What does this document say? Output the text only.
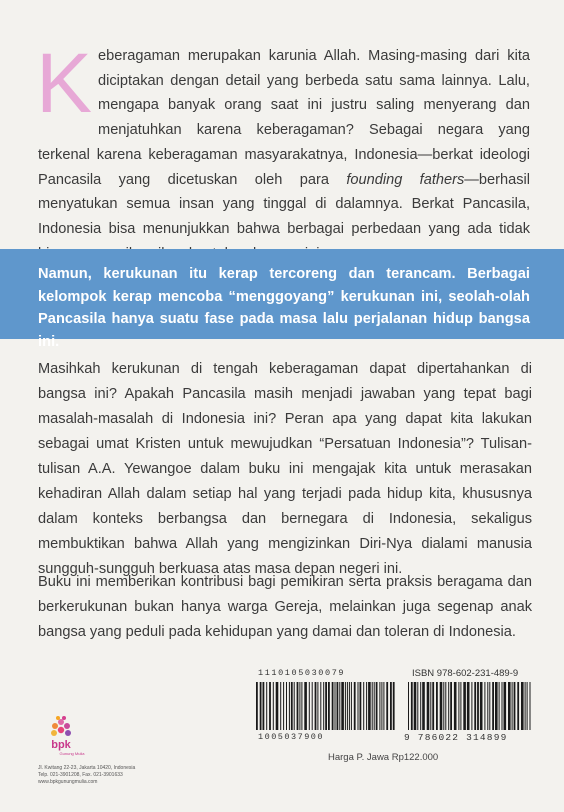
Keberagaman merupakan karunia Allah. Masing-masing dari kita diciptakan dengan detail yang berbeda satu sama lainnya. Lalu, mengapa banyak orang saat ini justru saling menyerang dan menjatuhkan karena keberagaman? Sebagai negara yang terkenal karena keberagaman masyarakatnya, Indonesia—berkat ideologi Pancasila yang dicetuskan oleh para founding fathers—berhasil menyatukan semua insan yang tinggal di dalamnya. Berkat Pancasila, Indonesia bisa menunjukkan bahwa berbagai perbedaan yang ada tidak
Namun, kerukunan itu kerap tercoreng dan terancam. Berbagai kelompok kerap mencoba “menggoyang” kerukunan ini, seolah-olah Pancasila hanya suatu fase pada masa lalu perjalanan hidup bangsa ini.
Masihkah kerukunan di tengah keberagaman dapat dipertahankan di bangsa ini? Apakah Pancasila masih menjadi jawaban yang tepat bagi masalah-masalah di Indonesia ini? Peran apa yang dapat kita lakukan sebagai umat Kristen untuk mewujudkan “Persatuan Indonesia”? Tulisan-tulisan A.A. Yewangoe dalam buku ini mengajak kita untuk merasakan kehadiran Allah dalam setiap hal yang terjadi pada hidup kita, khususnya dalam konteks berbangsa dan bernegara di Indonesia, sekaligus membuktikan bahwa Allah yang mengizinkan Diri-Nya dialami manusia sungguh-sungguh berkuasa atas masa depan negeri ini.
Buku ini memberikan kontribusi bagi pemikiran serta praksis beragama dan berkerukunan bukan hanya warga Gereja, melainkan juga segenap anak bangsa yang peduli pada kehidupan yang damai dan toleran di Indonesia.
bpk
Gunung Mulia
Jl. Kwitang 22-23, Jakarta 10420, Indonesia
Telp. 021-3901208, Fax. 021-3901633
www.bpkgunungmulia.com
1110105030079	ISBN 978-602-231-489-9
1005037900	9 786022 314899
Harga P. Jawa Rp122.000
